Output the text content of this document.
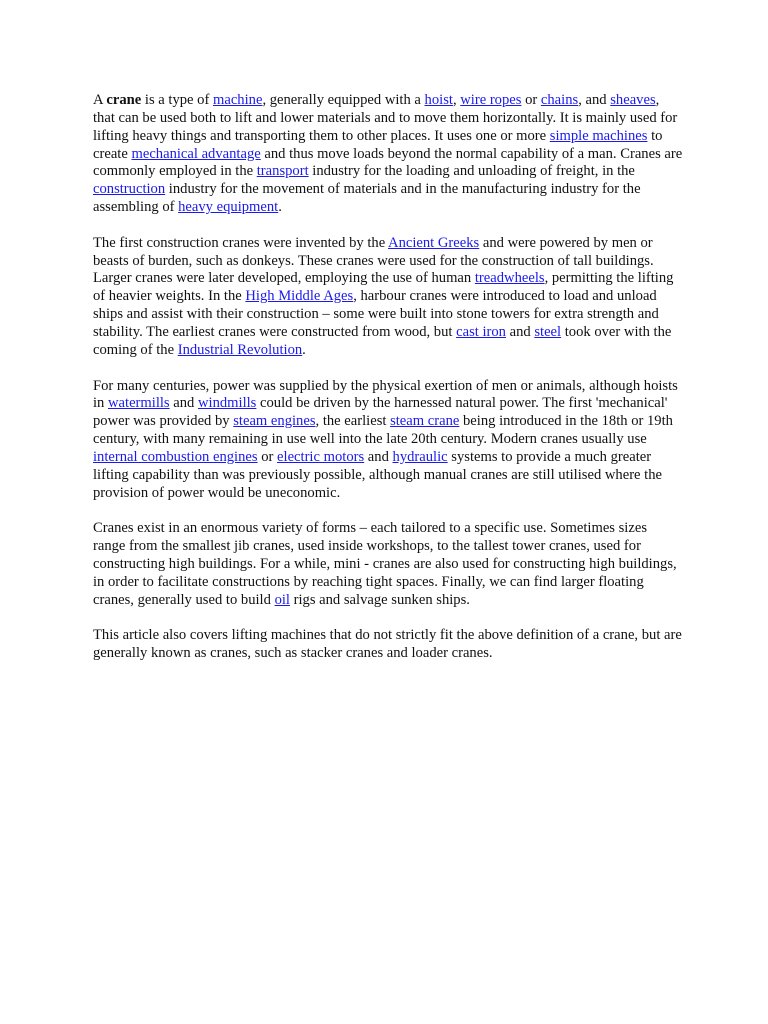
A crane is a type of machine, generally equipped with a hoist, wire ropes or chains, and sheaves, that can be used both to lift and lower materials and to move them horizontally. It is mainly used for lifting heavy things and transporting them to other places. It uses one or more simple machines to create mechanical advantage and thus move loads beyond the normal capability of a man. Cranes are commonly employed in the transport industry for the loading and unloading of freight, in the construction industry for the movement of materials and in the manufacturing industry for the assembling of heavy equipment.

The first construction cranes were invented by the Ancient Greeks and were powered by men or beasts of burden, such as donkeys. These cranes were used for the construction of tall buildings. Larger cranes were later developed, employing the use of human treadwheels, permitting the lifting of heavier weights. In the High Middle Ages, harbour cranes were introduced to load and unload ships and assist with their construction – some were built into stone towers for extra strength and stability. The earliest cranes were constructed from wood, but cast iron and steel took over with the coming of the Industrial Revolution.

For many centuries, power was supplied by the physical exertion of men or animals, although hoists in watermills and windmills could be driven by the harnessed natural power. The first 'mechanical' power was provided by steam engines, the earliest steam crane being introduced in the 18th or 19th century, with many remaining in use well into the late 20th century. Modern cranes usually use internal combustion engines or electric motors and hydraulic systems to provide a much greater lifting capability than was previously possible, although manual cranes are still utilised where the provision of power would be uneconomic.

Cranes exist in an enormous variety of forms – each tailored to a specific use. Sometimes sizes range from the smallest jib cranes, used inside workshops, to the tallest tower cranes, used for constructing high buildings. For a while, mini - cranes are also used for constructing high buildings, in order to facilitate constructions by reaching tight spaces. Finally, we can find larger floating cranes, generally used to build oil rigs and salvage sunken ships.

This article also covers lifting machines that do not strictly fit the above definition of a crane, but are generally known as cranes, such as stacker cranes and loader cranes.
